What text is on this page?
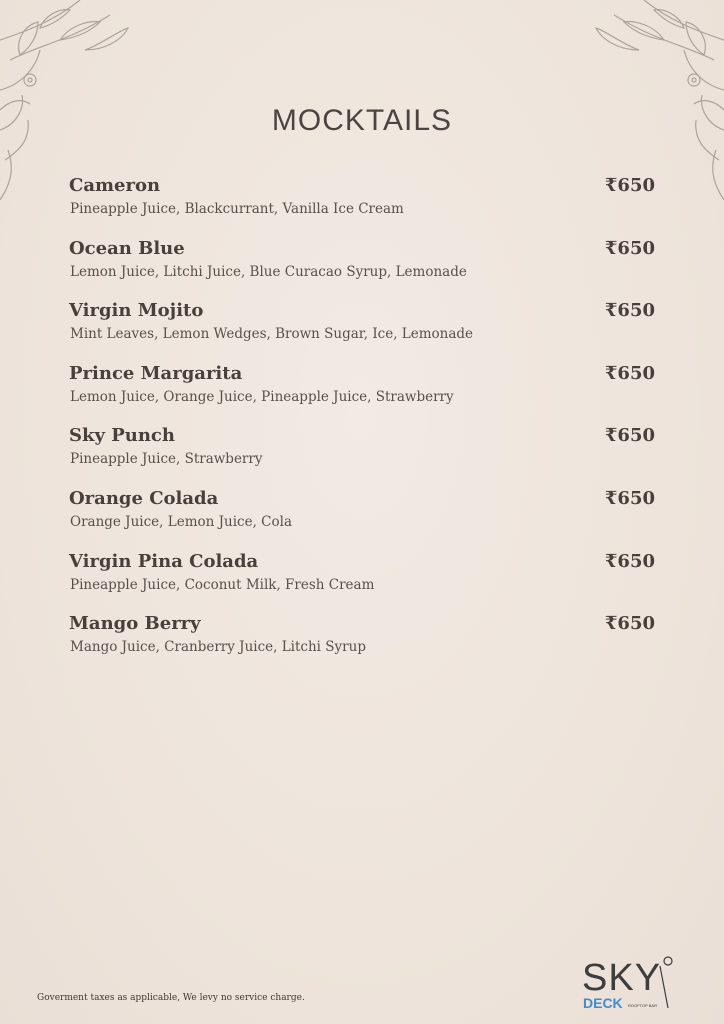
MOCKTAILS
Cameron	₹650
Pineapple Juice, Blackcurrant, Vanilla Ice Cream
Ocean Blue	₹650
Lemon Juice, Litchi Juice, Blue Curacao Syrup, Lemonade
Virgin Mojito	₹650
Mint Leaves, Lemon Wedges, Brown Sugar, Ice, Lemonade
Prince Margarita	₹650
Lemon Juice, Orange Juice, Pineapple Juice, Strawberry
Sky Punch	₹650
Pineapple Juice, Strawberry
Orange Colada	₹650
Orange Juice, Lemon Juice, Cola
Virgin Pina Colada	₹650
Pineapple Juice, Coconut Milk, Fresh Cream
Mango Berry	₹650
Mango Juice, Cranberry Juice, Litchi Syrup
Goverment taxes as applicable, We levy no service charge.	SKY
DECK ROOFTOP BAR
